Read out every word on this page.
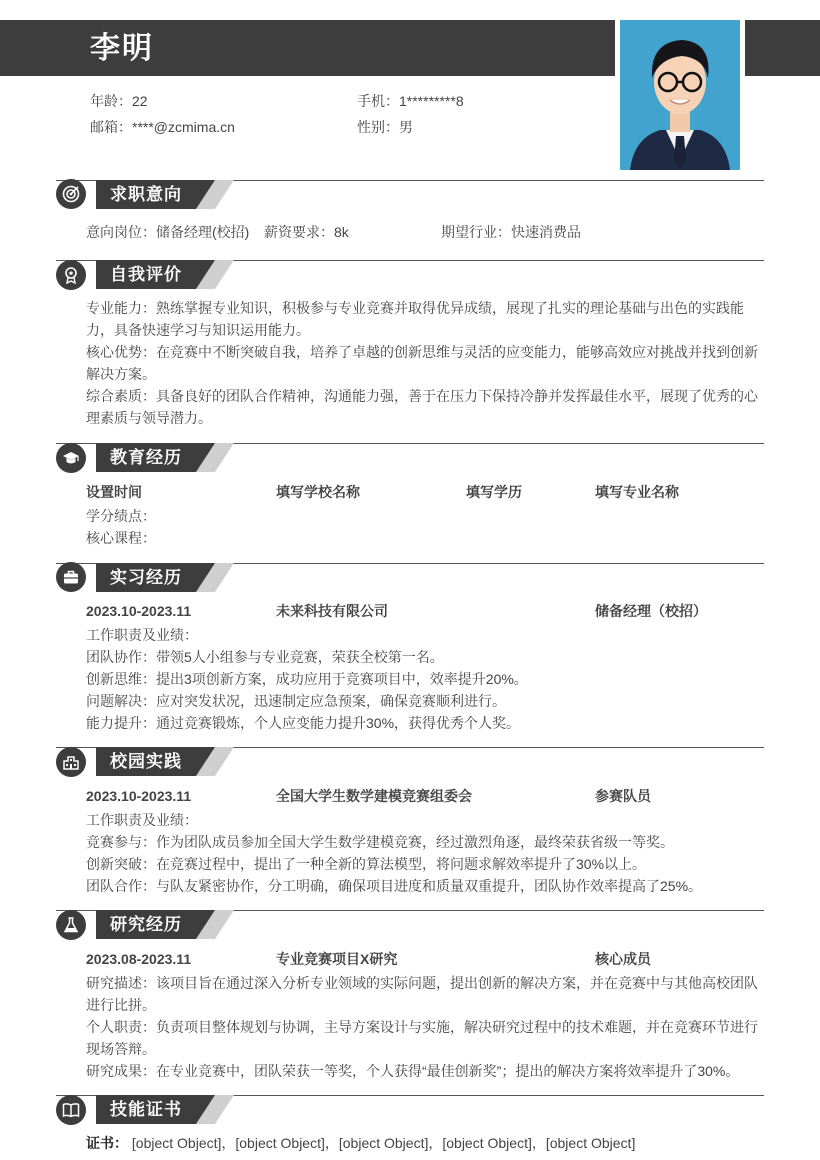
李明
年龄：22	手机：1*********8
邮箱：****@zcmima.cn	性别：男
求职意向
意向岗位：储备经理(校招) 薪资要求：8k	期望行业：快速消费品
自我评价
专业能力：熟练掌握专业知识，积极参与专业竞赛并取得优异成绩，展现了扎实的理论基础与出色的实践能
力，具备快速学习与知识运用能力。
核心优势：在竞赛中不断突破自我，培养了卓越的创新思维与灵活的应变能力，能够高效应对挑战并找到创新
解决方案。
综合素质：具备良好的团队合作精神，沟通能力强，善于在压力下保持冷静并发挥最佳水平，展现了优秀的心
理素质与领导潜力。
教育经历
设置时间	填写学校名称	填写学历	填写专业名称
学分绩点：
核心课程：
实习经历
2023.10-2023.11	未来科技有限公司	储备经理（校招）
工作职责及业绩：
团队协作：带领5人小组参与专业竞赛，荣获全校第一名。
创新思维：提出3项创新方案，成功应用于竞赛项目中，效率提升20%。
问题解决：应对突发状况，迅速制定应急预案，确保竞赛顺利进行。
能力提升：通过竞赛锻炼，个人应变能力提升30%，获得优秀个人奖。
校园实践
2023.10-2023.11	全国大学生数学建模竞赛组委会	参赛队员
工作职责及业绩：
竞赛参与：作为团队成员参加全国大学生数学建模竞赛，经过激烈角逐，最终荣获省级一等奖。
创新突破：在竞赛过程中，提出了一种全新的算法模型，将问题求解效率提升了30%以上。
团队合作：与队友紧密协作，分工明确，确保项目进度和质量双重提升，团队协作效率提高了25%。
研究经历
2023.08-2023.11	专业竞赛项目X研究	核心成员
研究描述：该项目旨在通过深入分析专业领域的实际问题，提出创新的解决方案，并在竞赛中与其他高校团队
进行比拼。
个人职责：负责项目整体规划与协调，主导方案设计与实施，解决研究过程中的技术难题，并在竞赛环节进行
现场答辩。
研究成果：在专业竞赛中，团队荣获一等奖，个人获得“最佳创新奖”；提出的解决方案将效率提升了30%。
技能证书
证书： [object Object]，[object Object]，[object Object]，[object Object]，[object Object]
